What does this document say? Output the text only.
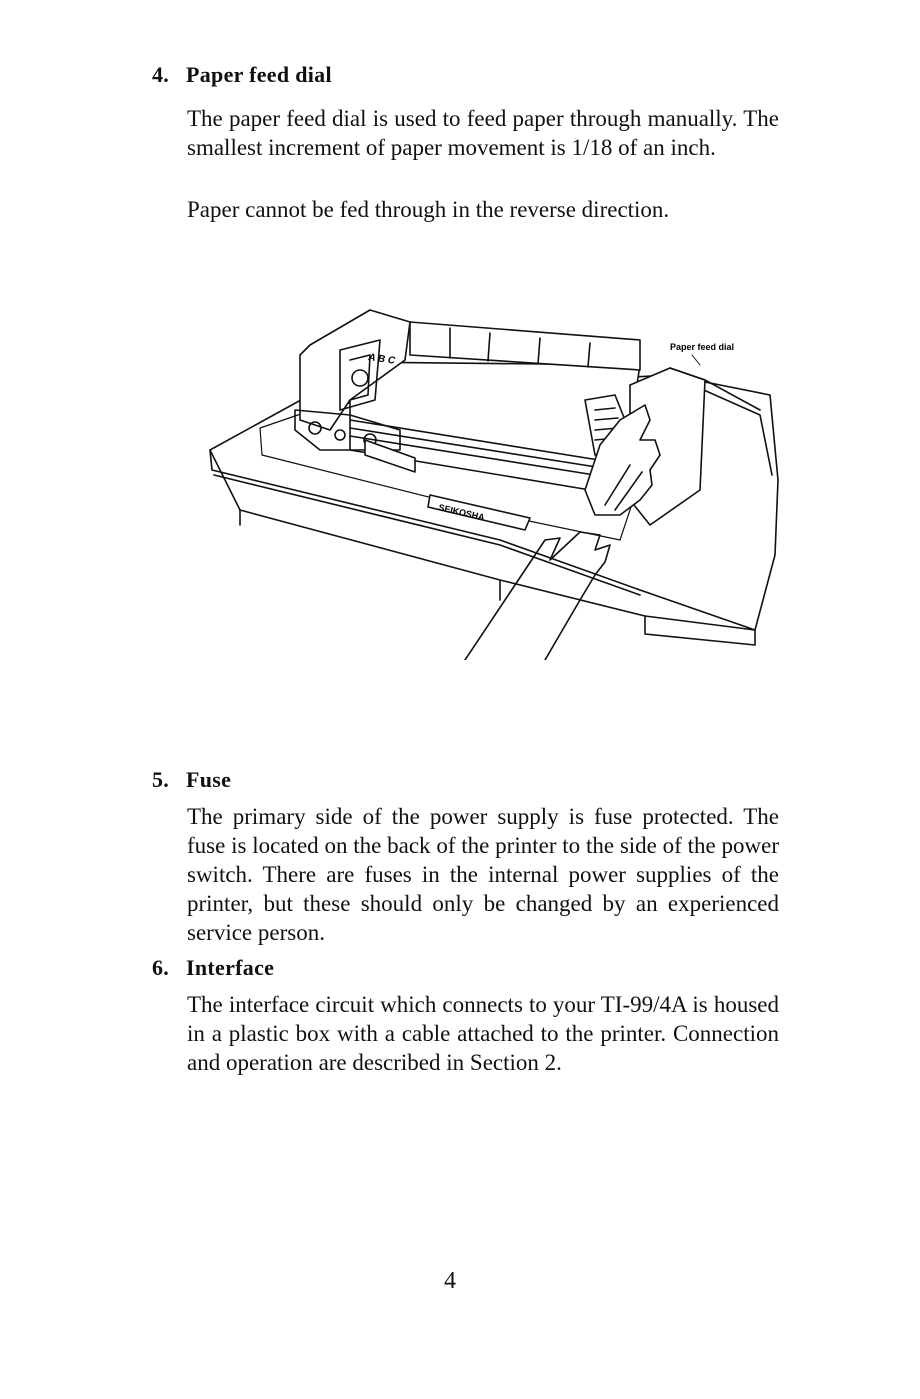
4. Paper feed dial
The paper feed dial is used to feed paper through manually. The smallest increment of paper movement is 1/18 of an inch.
Paper cannot be fed through in the reverse direction.
A B C
SEIKOSHA
Paper feed dial
5. Fuse
The primary side of the power supply is fuse protected. The fuse is located on the back of the printer to the side of the power switch. There are fuses in the internal power supplies of the printer, but these should only be changed by an experienced service person.
6. Interface
The interface circuit which connects to your TI-99/4A is housed in a plastic box with a cable attached to the printer. Connection and operation are described in Section 2.
4
